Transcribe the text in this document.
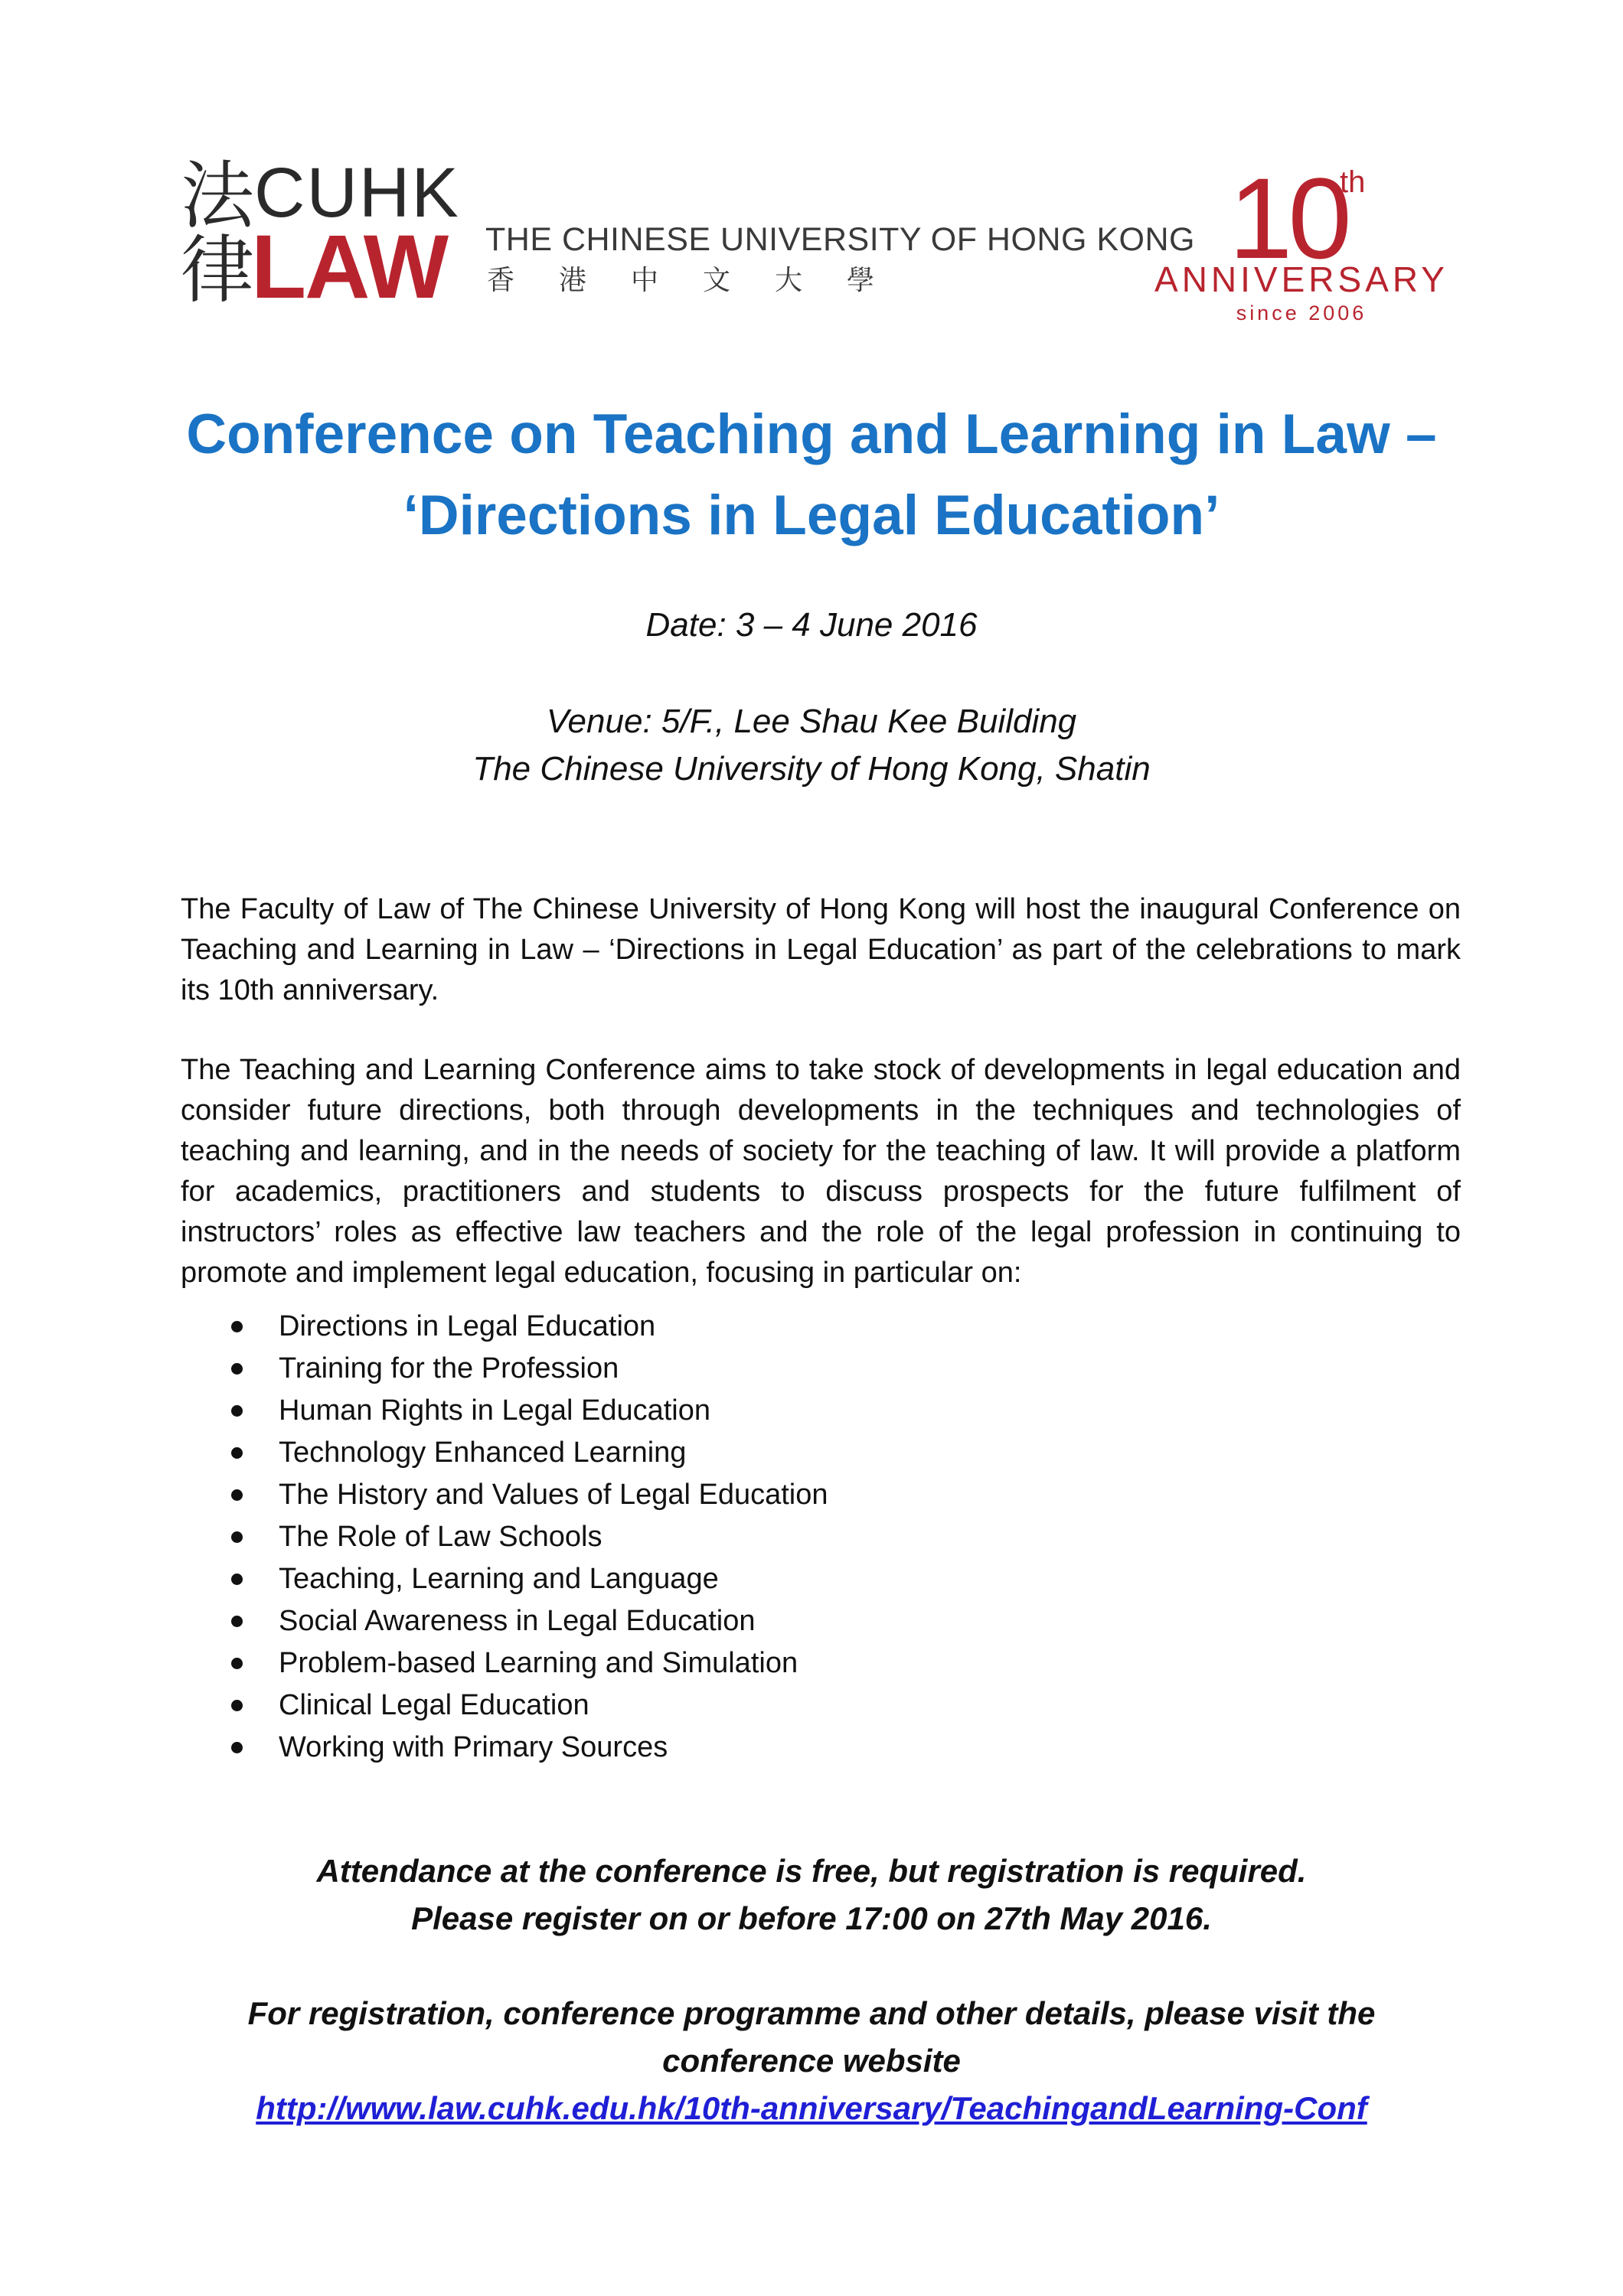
法
律
CUHK
LAW THE CHINESE UNIVERSITY OF HONG KONG
香港中文大學	10
th
ANNIVERSARY
since 2006
Conference on Teaching and Learning in Law –
‘Directions in Legal Education’
Date: 3 – 4 June 2016
Venue: 5/F., Lee Shau Kee Building
The Chinese University of Hong Kong, Shatin

The Faculty of Law of The Chinese University of Hong Kong will host the inaugural Conference on Teaching and Learning in Law – ‘Directions in Legal Education’ as part of the celebrations to mark its 10th anniversary.

The Teaching and Learning Conference aims to take stock of developments in legal education and consider future directions, both through developments in the techniques and technologies of teaching and learning, and in the needs of society for the teaching of law. It will provide a platform for academics, practitioners and students to discuss prospects for the future fulfilment of instructors’ roles as effective law teachers and the role of the legal profession in continuing to promote and implement legal education, focusing in particular on:

Directions in Legal Education
Training for the Profession
Human Rights in Legal Education
Technology Enhanced Learning
The History and Values of Legal Education
The Role of Law Schools
Teaching, Learning and Language
Social Awareness in Legal Education
Problem-based Learning and Simulation
Clinical Legal Education
Working with Primary Sources
Attendance at the conference is free, but registration is required.
Please register on or before 17:00 on 27th May 2016.
For registration, conference programme and other details, please visit the
conference website
http://www.law.cuhk.edu.hk/10th-anniversary/TeachingandLearning-Conf
